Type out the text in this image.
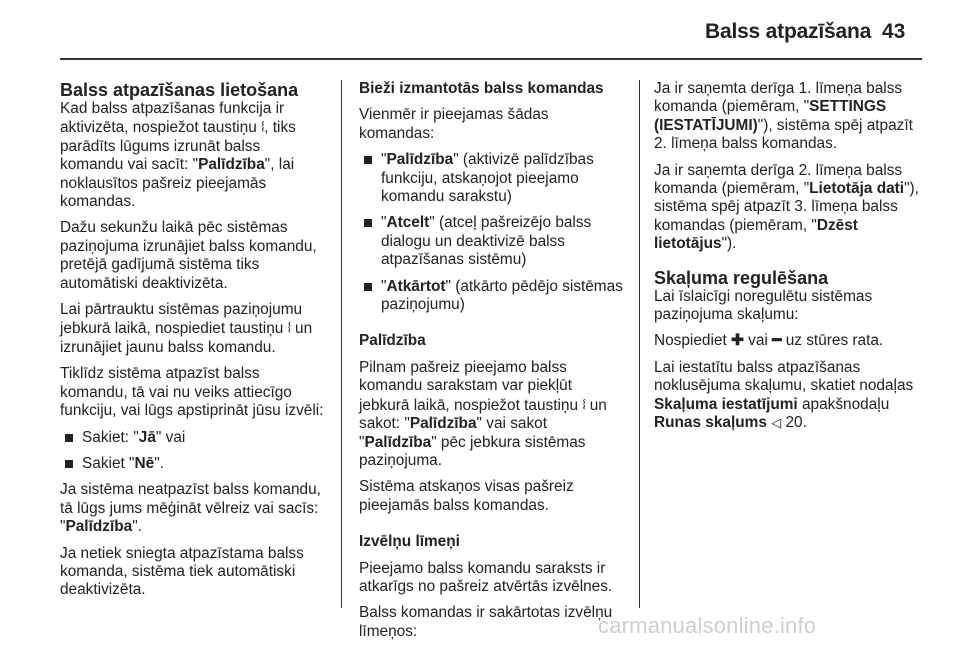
Balss atpazīšana 43
Balss atpazīšanas lietošana

Kad balss atpazīšanas funkcija ir aktivizēta, nospiežot taustiņu 𝄔, tiks parādīts lūgums izrunāt balss komandu vai sacīt: "Palīdzība", lai noklausītos pašreiz pieejamās komandas.

Dažu sekunžu laikā pēc sistēmas paziņojuma izrunājiet balss komandu, pretējā gadījumā sistēma tiks automātiski deaktivizēta.

Lai pārtrauktu sistēmas paziņojumu jebkurā laikā, nospiediet taustiņu 𝄔 un izrunājiet jaunu balss komandu.

Tiklīdz sistēma atpazīst balss komandu, tā vai nu veiks attiecīgo funkciju, vai lūgs apstiprināt jūsu izvēli:

Sakiet: "Jā" vai
Sakiet "Nē".

Ja sistēma neatpazīst balss komandu, tā lūgs jums mēģināt vēlreiz vai sacīs: "Palīdzība".

Ja netiek sniegta atpazīstama balss komanda, sistēma tiek automātiski deaktivizēta.

Bieži izmantotās balss komandas

Vienmēr ir pieejamas šādas komandas:

"Palīdzība" (aktivizē palīdzības funkciju, atskaņojot pieejamo komandu sarakstu)
"Atcelt" (atceļ pašreizējo balss dialogu un deaktivizē balss atpazīšanas sistēmu)
"Atkārtot" (atkārto pēdējo sistēmas paziņojumu)

Palīdzība

Pilnam pašreiz pieejamo balss komandu sarakstam var piekļūt jebkurā laikā, nospiežot taustiņu 𝄔 un sakot: "Palīdzība" vai sakot "Palīdzība" pēc jebkura sistēmas paziņojuma.

Sistēma atskaņos visas pašreiz pieejamās balss komandas.

Izvēlņu līmeņi

Pieejamo balss komandu saraksts ir atkarīgs no pašreiz atvērtās izvēlnes.

Balss komandas ir sakārtotas izvēlņu līmeņos:

Ja ir saņemta derīga 1. līmeņa balss komanda (piemēram, "SETTINGS (IESTATĪJUMI)"), sistēma spēj atpazīt 2. līmeņa balss komandas.

Ja ir saņemta derīga 2. līmeņa balss komanda (piemēram, "Lietotāja dati"), sistēma spēj atpazīt 3. līmeņa balss komandas (piemēram, "Dzēst lietotājus").

Skaļuma regulēšana

Lai īslaicīgi noregulētu sistēmas paziņojuma skaļumu:

Nospiediet ✚ vai ━ uz stūres rata.

Lai iestatītu balss atpazīšanas noklusējuma skaļumu, skatiet nodaļas Skaļuma iestatījumi apakšnodaļu Runas skaļums ◁ 20.

carmanualsonline.info
